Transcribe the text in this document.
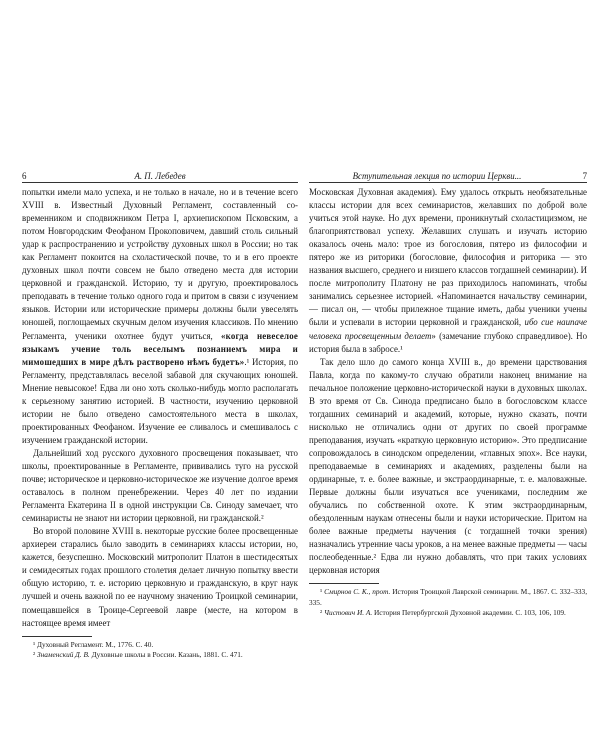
6	А. П. Лебедев

попытки имели мало успеха, и не только в начале, но и в течение всего XVIII в. Известный Духовный Регламент, составленный со-временником и сподвижником Петра I, архиепископом Псковским, а потом Новгородским Феофаном Прокоповичем, давший столь сильный удар к распространению и устройству духовных школ в России; но так как Регламент покоится на схоластической почве, то и в его проекте духовных школ почти совсем не было отведено места для истории церковной и гражданской. Историю, ту и другую, проектировалось преподавать в течение только одного года и притом в связи с изучением языков. Истории или исторические примеры должны были увеселять юношей, поглощаемых скучным делом изучения классиков. По мнению Регламента, ученики охотнее будут учиться, «когда невеселое языкамъ учение толь веселымъ познаниемъ мира и мимошедших в мире дѣлъ растворено нѣмъ будетъ».¹ История, по Регламенту, представлялась веселой забавой для скучающих юношей. Мнение невысокое! Едва ли оно хоть сколько-нибудь могло располагать к серьезному занятию историей. В частности, изучению церковной истории не было отведено самостоятельного места в школах, проектированных Феофаном. Изучение ее сливалось и смешивалось с изучением гражданской истории.

Дальнейший ход русского духовного просвещения показывает, что школы, проектированные в Регламенте, прививались туго на русской почве; историческое и церковно-историческое же изучение долгое время оставалось в полном пренебрежении. Через 40 лет по издании Регламента Екатерина II в одной инструкции Св. Синоду замечает, что семинаристы не знают ни истории церковной, ни гражданской.²

Во второй половине XVIII в. некоторые русские более просвещенные архиереи старались было заводить в семинариях классы истории, но, кажется, безуспешно. Московский митрополит Платон в шестидесятых и семидесятых годах прошлого столетия делает личную попытку ввести общую историю, т. е. историю церковную и гражданскую, в круг наук лучшей и очень важной по ее научному значению Троицкой семинарии, помещавшейся в Троице-Сергеевой лавре (месте, на котором в настоящее время имеет

¹ Духовный Регламент. М., 1776. С. 40.

² Знаменский Д. В. Духовные школы в России. Казань, 1881. С. 471.

Вступительная лекция по истории Церкви...	7

Московская Духовная академия). Ему удалось открыть необязательные классы истории для всех семинаристов, желавших по доброй воле учиться этой науке. Но дух времени, проникнутый схоластицизмом, не благоприятствовал успеху. Желавших слушать и изучать историю оказалось очень мало: трое из богословия, пятеро из философии и пятеро же из риторики (богословие, философия и риторика — это названия высшего, среднего и низшего классов тогдашней семинарии). И после митрополиту Платону не раз приходилось напоминать, чтобы занимались серьезнее историей. «Напоминается начальству семинарии, — писал он, — чтобы прилежное тщание иметь, дабы ученики учены были и успевали в истории церковной и гражданской, ибо сие наипаче человека просвещенным делает» (замечание глубоко справедливое). Но история была в забросе.¹

Так дело шло до самого конца XVIII в., до времени царствования Павла, когда по какому-то случаю обратили наконец внимание на печальное положение церковно-исторической науки в духовных школах. В это время от Св. Синода предписано было в богословском классе тогдашних семинарий и академий, которые, нужно сказать, почти нисколько не отличались одни от других по своей программе преподавания, изучать «краткую церковную историю». Это предписание сопровождалось в синодском определении, «главных эпох». Все науки, преподаваемые в семинариях и академиях, разделены были на ординарные, т. е. более важные, и экстраординарные, т. е. маловажные. Первые должны были изучаться все учениками, последним же обучались по собственной охоте. К этим экстраординарным, обездоленным наукам отнесены были и науки исторические. Притом на более важные предметы научения (с тогдашней точки зрения) назначались утренние часы уроков, а на менее важные предметы — часы послеобеденные.² Едва ли нужно добавлять, что при таких условиях церковная история

¹ Смирнов С. К., прот. История Троицкой Лаврской семинарии. М., 1867. С. 332–333, 335.

² Чистович И. А. История Петербургской Духовной академии. С. 103, 106, 109.
